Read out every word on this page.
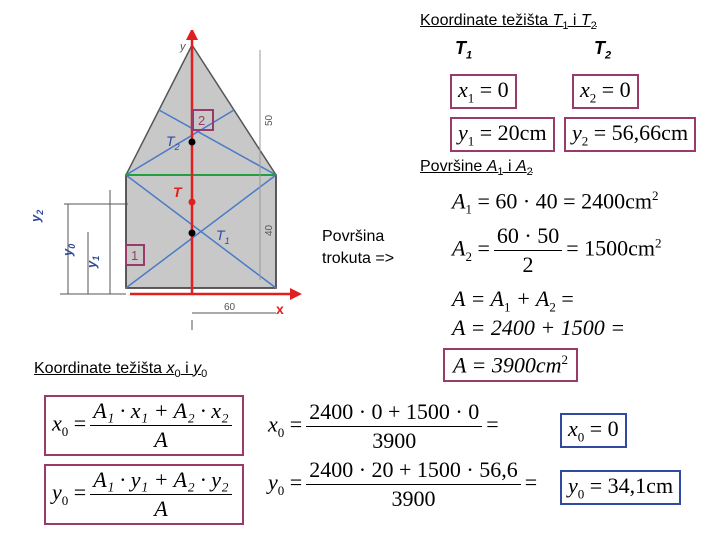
y
x
50
40
60
1
2
T
$T_1$
$T_2$
$y_1$
$y_0$
$y_2$
Koordinate težišta $T_1$ i $T_2$
$T_1$	$T_2$
$x_1 = 0$	$x_2 = 0$
$y_1 = 20cm$	$y_2 = 56,66cm$
Površine $A_1$ i $A_2$
$A_1 = 60 \cdot 40 = 2400cm^2$
Površina
trokuta =>	$A_2 = \frac{60 \cdot 50}{2} = 1500cm^2$
$A = A_1 + A_2$ =
A = 2400 + 1500 =
$A = 3900cm^2$
Koordinate težišta $x_0$ i $y_0$
$x_0 = \frac{\text{A₁ · x₁ + A₂ · x₂}}{A}$
$y_0 = \frac{\text{A₁ · y₁ + A₂ · y₂}}{A}$
$x_0 = \frac{2400 \cdot 0 + 1500 \cdot 0}{3900}$ =
$y_0 = \frac{2400 \cdot 20 + 1500 \cdot 56,6}{3900}$ =
$x_0 = 0$
$y_0 = 34,1cm$
